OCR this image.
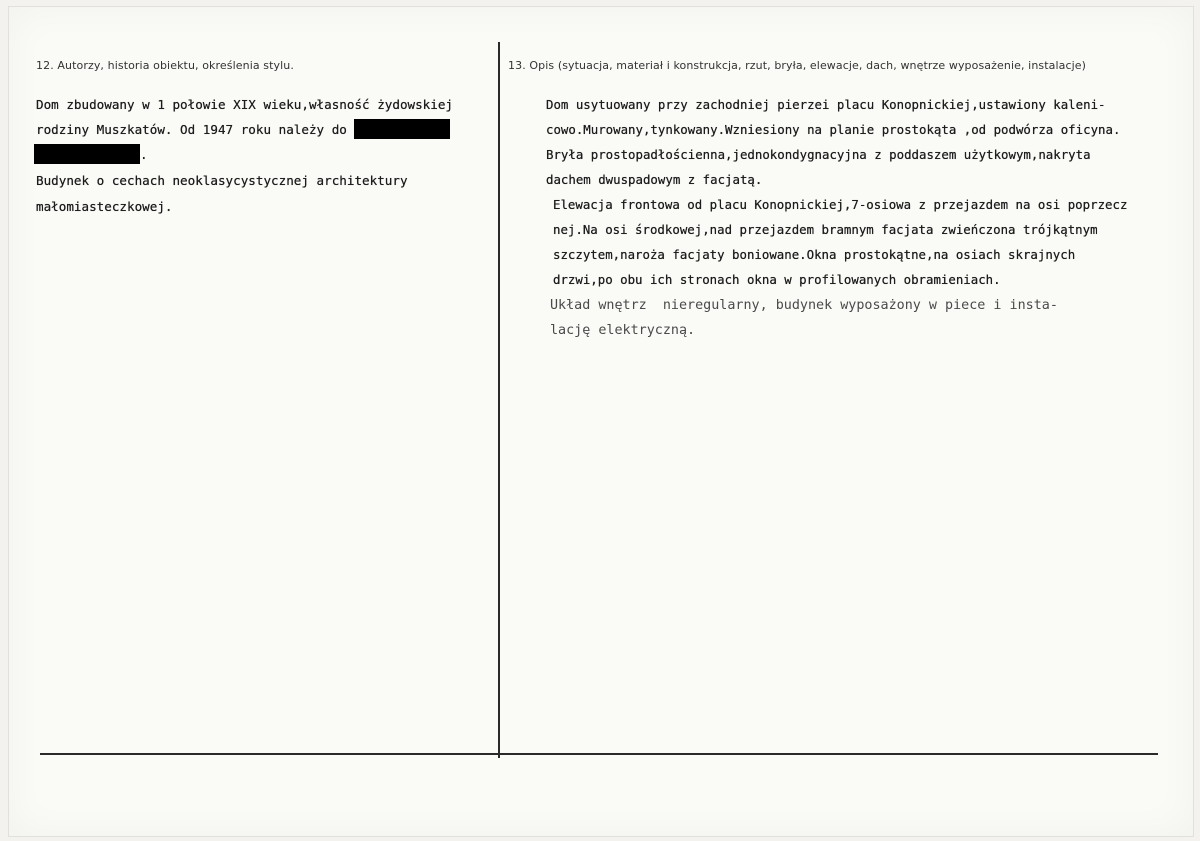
12. Autorzy, historia obiektu, określenia stylu.
Dom zbudowany w 1 połowie XIX wieku,własność żydowskiej
rodziny Muszkatów. Od 1947 roku należy do
.
Budynek o cechach neoklasycystycznej architektury
małomiasteczkowej.
13. Opis (sytuacja, materiał i konstrukcja, rzut, bryła, elewacje, dach, wnętrze wyposażenie, instalacje)
Dom usytuowany przy zachodniej pierzei placu Konopnickiej,ustawiony kaleni-
cowo.Murowany,tynkowany.Wzniesiony na planie prostokąta ,od podwórza oficyna.
Bryła prostopadłościenna,jednokondygnacyjna z poddaszem użytkowym,nakryta
dachem dwuspadowym z facjatą.
Elewacja frontowa od placu Konopnickiej,7-osiowa z przejazdem na osi poprzecz
nej.Na osi środkowej,nad przejazdem bramnym facjata zwieńczona trójkątnym
szczytem,naroża facjaty boniowane.Okna prostokątne,na osiach skrajnych
drzwi,po obu ich stronach okna w profilowanych obramieniach.
Układ wnętrz  nieregularny, budynek wyposażony w piece i insta-
lację elektryczną.
